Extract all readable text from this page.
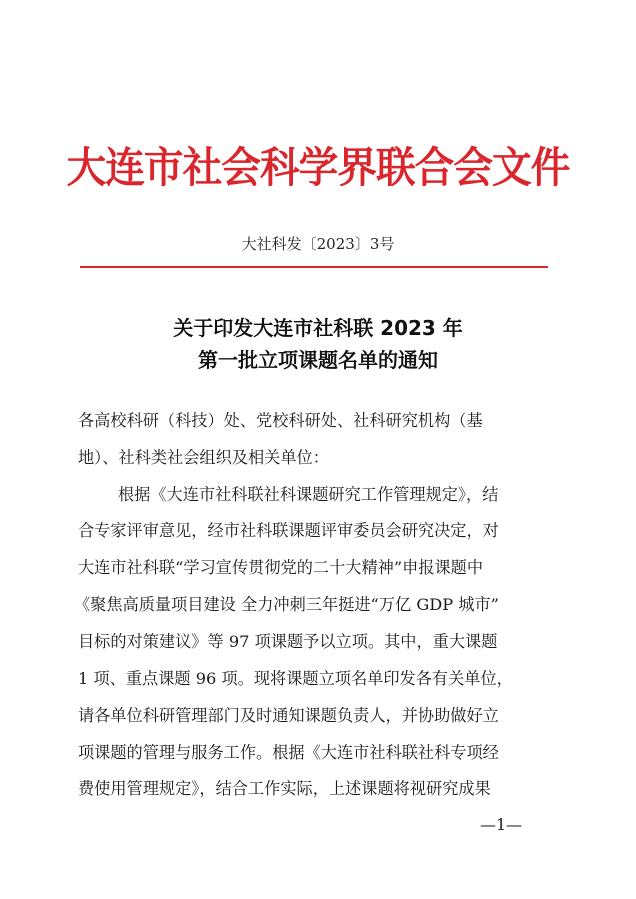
大连市社会科学界联合会文件
大社科发〔2023〕3号
关于印发大连市社科联 2023 年
第一批立项课题名单的通知
各高校科研（科技）处、党校科研处、社科研究机构（基
地）、社科类社会组织及相关单位：
根据《大连市社科联社科课题研究工作管理规定》，结
合专家评审意见，经市社科联课题评审委员会研究决定，对
大连市社科联“学习宣传贯彻党的二十大精神”申报课题中
《聚焦高质量项目建设 全力冲刺三年挺进“万亿 GDP 城市”
目标的对策建议》等 97 项课题予以立项。其中，重大课题
1 项、重点课题 96 项。现将课题立项名单印发各有关单位，
请各单位科研管理部门及时通知课题负责人，并协助做好立
项课题的管理与服务工作。根据《大连市社科联社科专项经
费使用管理规定》，结合工作实际，上述课题将视研究成果
—1—
